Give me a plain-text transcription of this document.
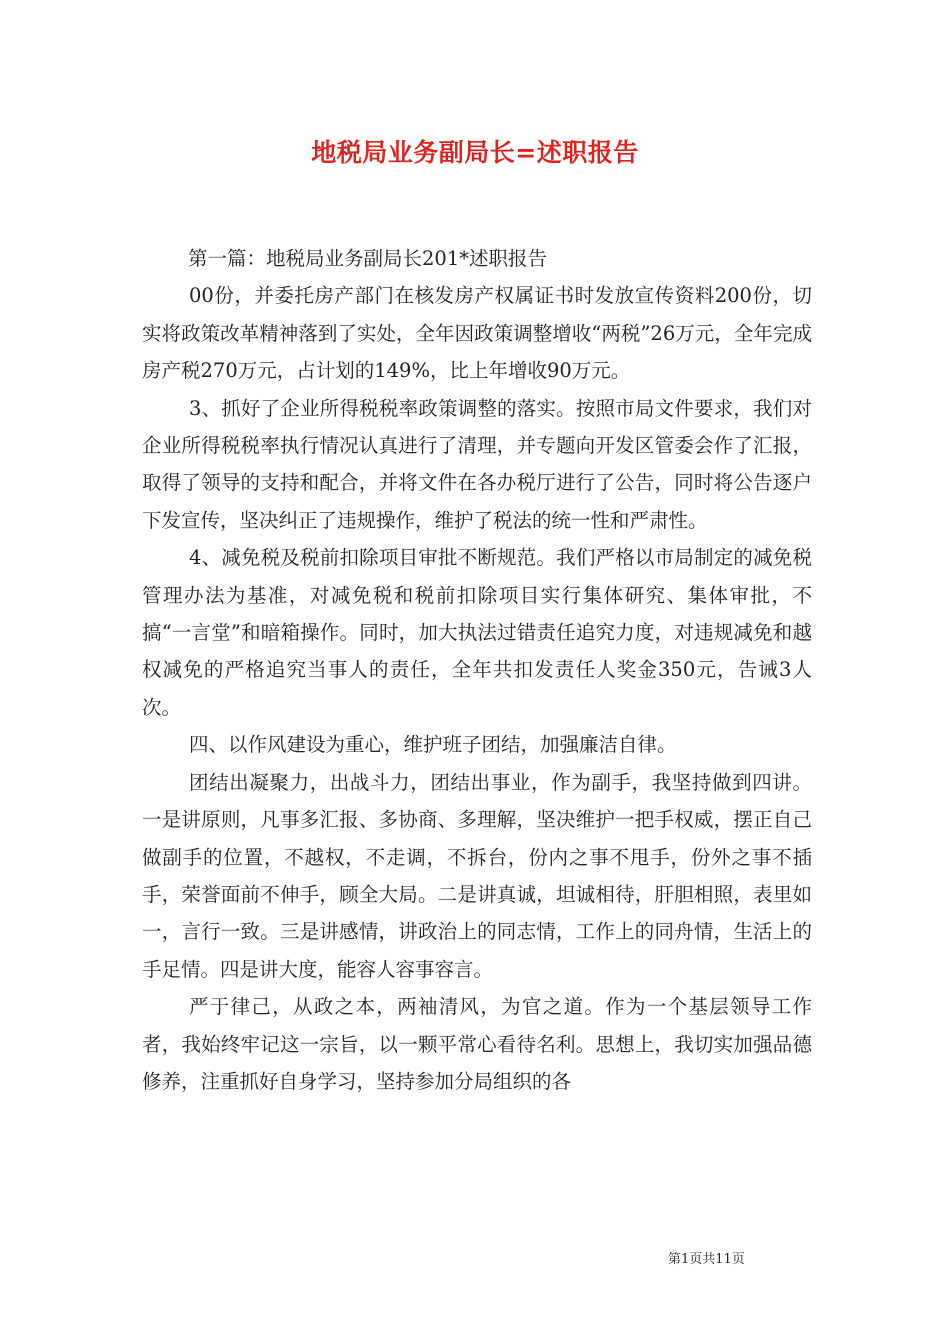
地税局业务副局长=述职报告

第一篇：地税局业务副局长201*述职报告

00份，并委托房产部门在核发房产权属证书时发放宣传资料200份，切实将政策改革精神落到了实处，全年因政策调整增收“两税”26万元，全年完成房产税270万元，占计划的149%，比上年增收90万元。

3、抓好了企业所得税税率政策调整的落实。按照市局文件要求，我们对企业所得税税率执行情况认真进行了清理，并专题向开发区管委会作了汇报，取得了领导的支持和配合，并将文件在各办税厅进行了公告，同时将公告逐户下发宣传，坚决纠正了违规操作，维护了税法的统一性和严肃性。

4、减免税及税前扣除项目审批不断规范。我们严格以市局制定的减免税管理办法为基准，对减免税和税前扣除项目实行集体研究、集体审批，不搞“一言堂”和暗箱操作。同时，加大执法过错责任追究力度，对违规减免和越权减免的严格追究当事人的责任，全年共扣发责任人奖金350元，告诫3人次。

四、以作风建设为重心，维护班子团结，加强廉洁自律。

团结出凝聚力，出战斗力，团结出事业，作为副手，我坚持做到四讲。一是讲原则，凡事多汇报、多协商、多理解，坚决维护一把手权威，摆正自己做副手的位置，不越权，不走调，不拆台，份内之事不甩手，份外之事不插手，荣誉面前不伸手，顾全大局。二是讲真诚，坦诚相待，肝胆相照，表里如一，言行一致。三是讲感情，讲政治上的同志情，工作上的同舟情，生活上的手足情。四是讲大度，能容人容事容言。

严于律己，从政之本，两袖清风，为官之道。作为一个基层领导工作者，我始终牢记这一宗旨，以一颗平常心看待名利。思想上，我切实加强品德修养，注重抓好自身学习，坚持参加分局组织的各

第1页共11页
